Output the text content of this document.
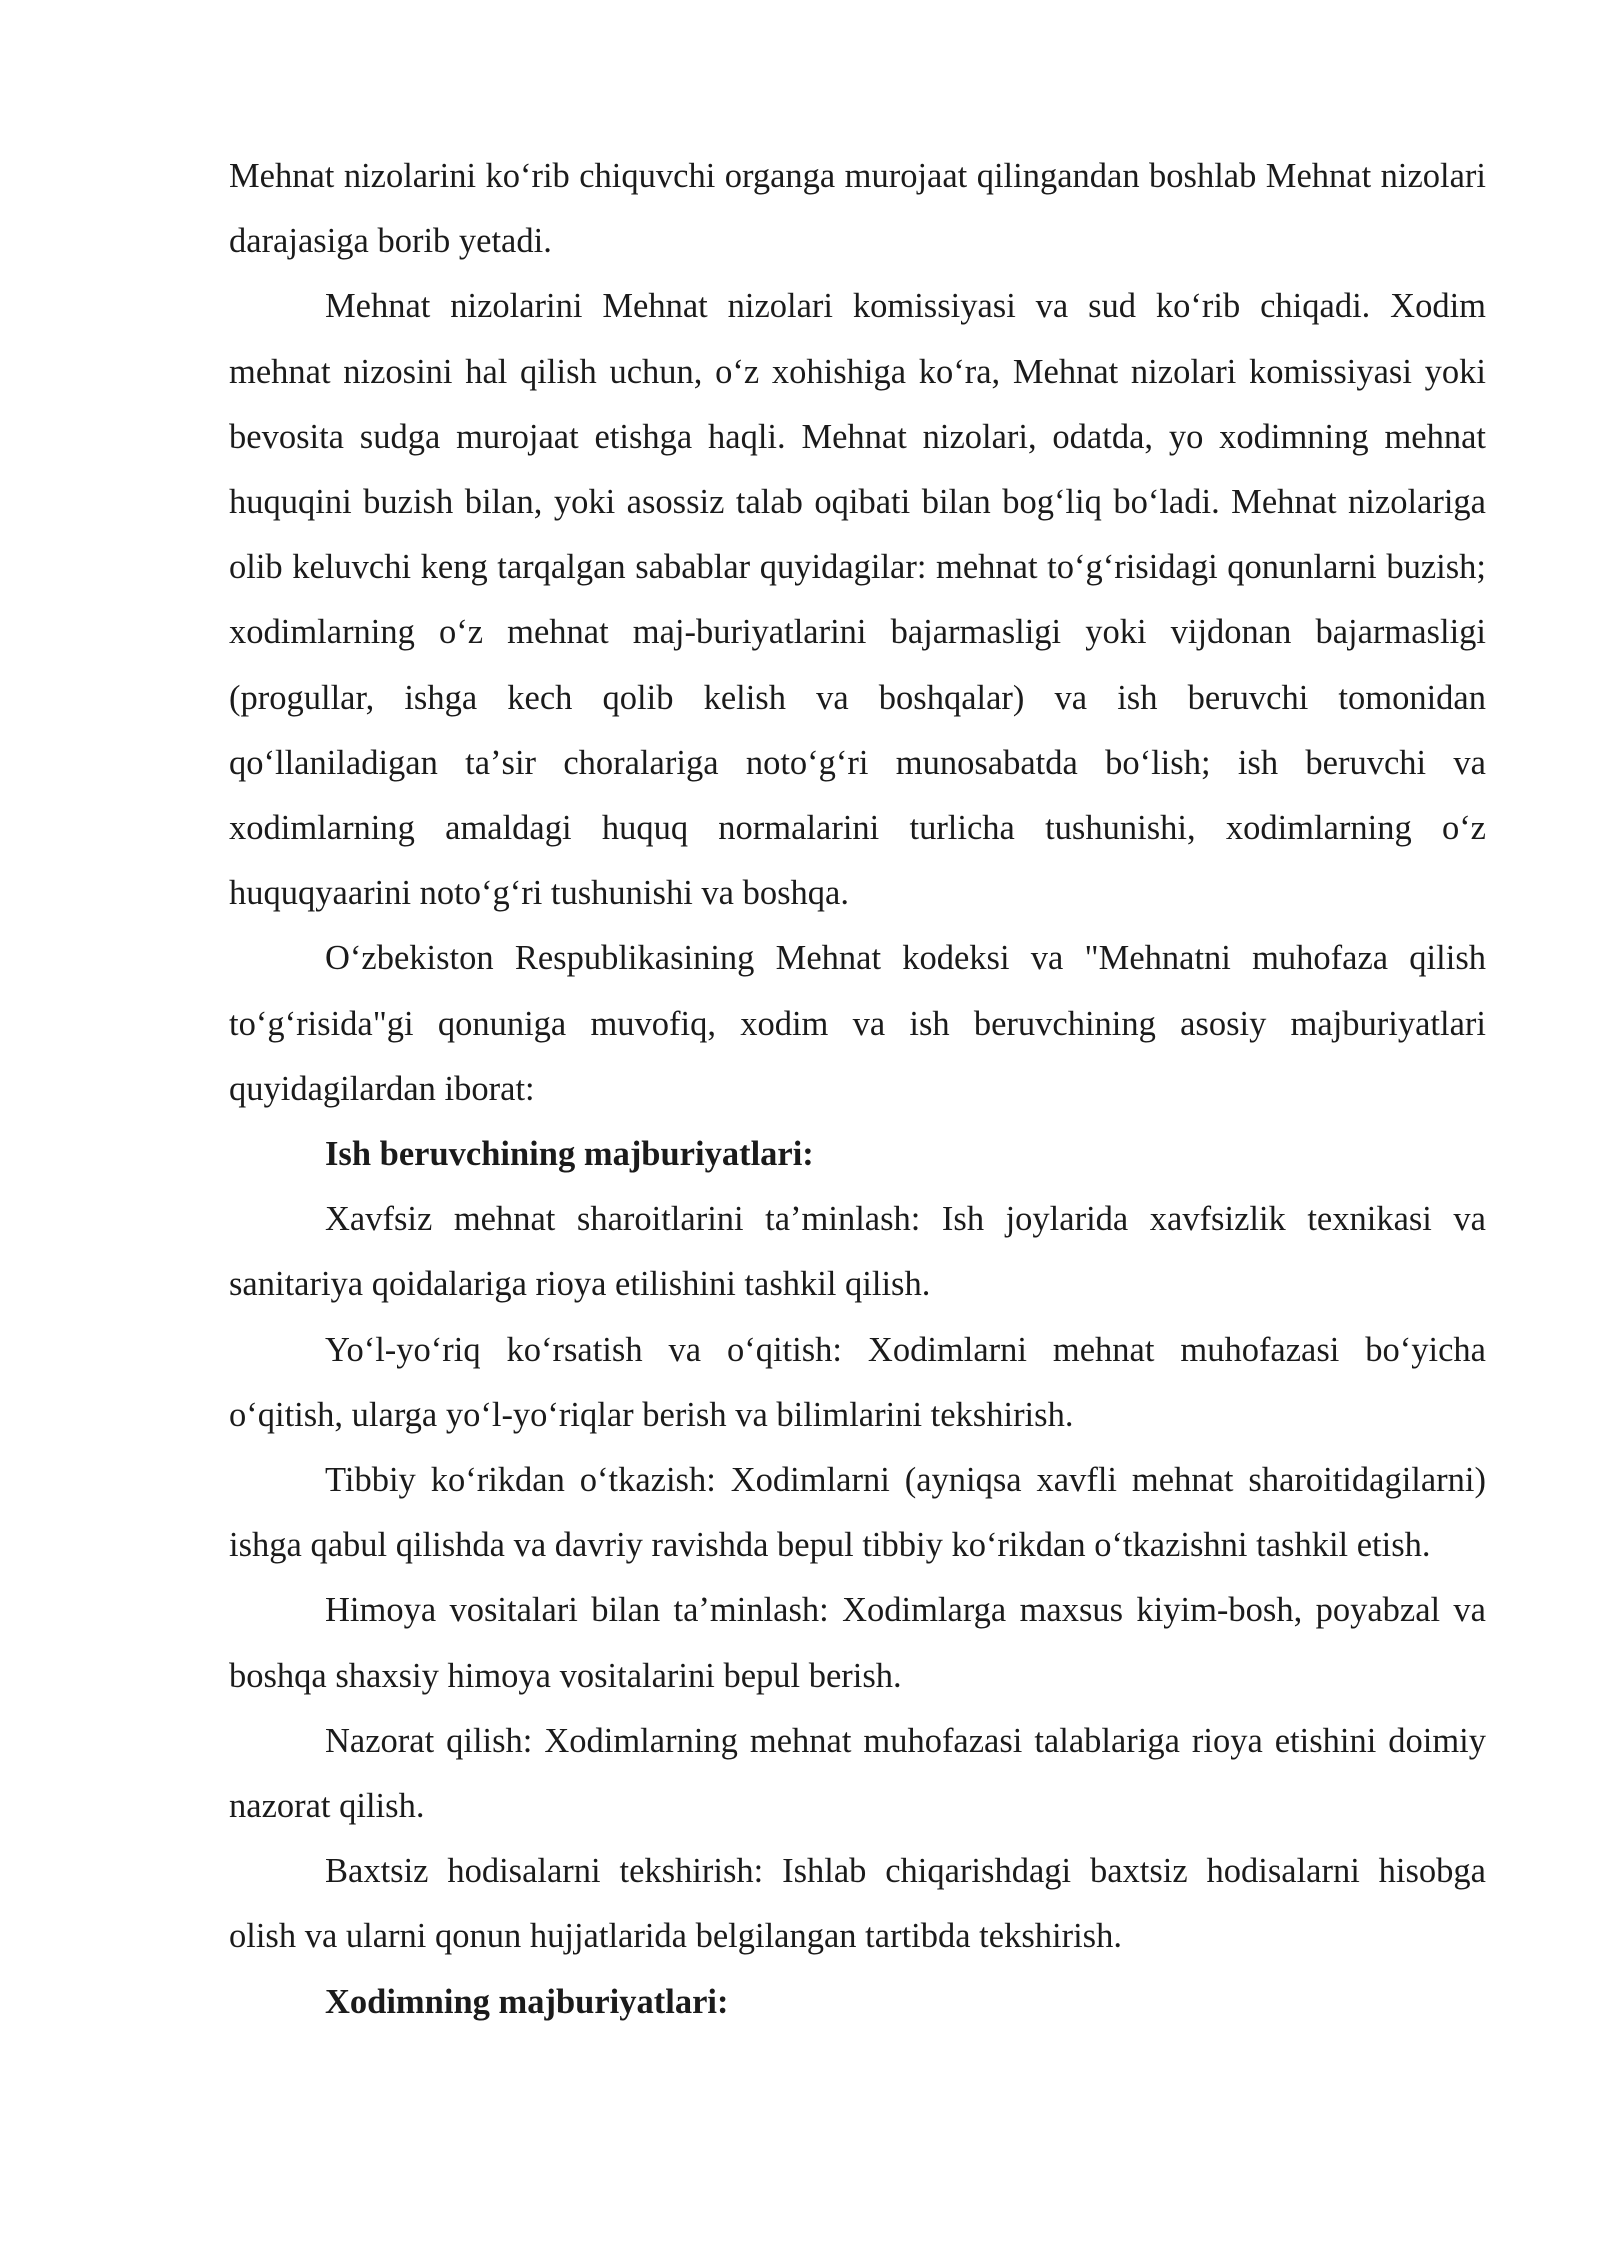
Mehnat nizolarini koʻrib chiquvchi organga murojaat qilingandan boshlab Mehnat nizolari darajasiga borib yetadi.

Mehnat nizolarini Mehnat nizolari komissiyasi va sud koʻrib chiqadi. Xodim mehnat nizosini hal qilish uchun, oʻz xohishiga koʻra, Mehnat nizolari komissiyasi yoki bevosita sudga murojaat etishga haqli. Mehnat nizolari, odatda, yo xodimning mehnat huquqini buzish bilan, yoki asossiz talab oqibati bilan bogʻliq boʻladi. Mehnat nizolariga olib keluvchi keng tarqalgan sabablar quyidagilar: mehnat toʻgʻrisidagi qonunlarni buzish; xodimlarning oʻz mehnat maj-buriyatlarini bajarmasligi yoki vijdonan bajarmasligi (progullar, ishga kech qolib kelish va boshqalar) va ish beruvchi tomonidan qoʻllaniladigan taʼsir choralariga notoʻgʻri munosabatda boʻlish; ish beruvchi va xodimlarning amaldagi huquq normalarini turlicha tushunishi, xodimlarning oʻz huquqyaarini notoʻgʻri tushunishi va boshqa.

Oʻzbekiston Respublikasining Mehnat kodeksi va "Mehnatni muhofaza qilish toʻgʻrisida"gi qonuniga muvofiq, xodim va ish beruvchining asosiy majburiyatlari quyidagilardan iborat:

Ish beruvchining majburiyatlari:

Xavfsiz mehnat sharoitlarini taʼminlash: Ish joylarida xavfsizlik texnikasi va sanitariya qoidalariga rioya etilishini tashkil qilish.

Yoʻl-yoʻriq koʻrsatish va oʻqitish: Xodimlarni mehnat muhofazasi boʻyicha oʻqitish, ularga yoʻl-yoʻriqlar berish va bilimlarini tekshirish.

Tibbiy koʻrikdan oʻtkazish: Xodimlarni (ayniqsa xavfli mehnat sharoitidagilarni) ishga qabul qilishda va davriy ravishda bepul tibbiy koʻrikdan oʻtkazishni tashkil etish.

Himoya vositalari bilan taʼminlash: Xodimlarga maxsus kiyim-bosh, poyabzal va boshqa shaxsiy himoya vositalarini bepul berish.

Nazorat qilish: Xodimlarning mehnat muhofazasi talablariga rioya etishini doimiy nazorat qilish.

Baxtsiz hodisalarni tekshirish: Ishlab chiqarishdagi baxtsiz hodisalarni hisobga olish va ularni qonun hujjatlarida belgilangan tartibda tekshirish.

Xodimning majburiyatlari:
